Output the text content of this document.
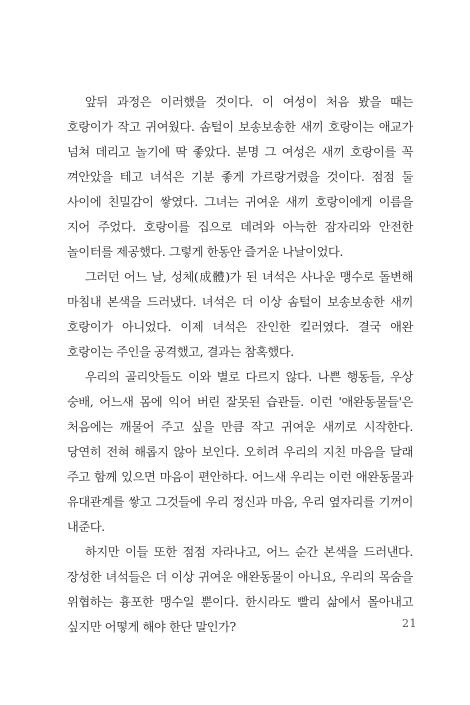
앞뒤 과정은 이러했을 것이다. 이 여성이 처음 봤을 때는 호랑이가 작고 귀여웠다. 솜털이 보송보송한 새끼 호랑이는 애교가 넘쳐 데리고 놀기에 딱 좋았다. 분명 그 여성은 새끼 호랑이를 꼭 껴안았을 테고 녀석은 기분 좋게 가르랑거렸을 것이다. 점점 둘 사이에 친밀감이 쌓였다. 그녀는 귀여운 새끼 호랑이에게 이름을 지어 주었다. 호랑이를 집으로 데려와 아늑한 잠자리와 안전한 놀이터를 제공했다. 그렇게 한동안 즐거운 나날이었다.

그러던 어느 날, 성체(成體)가 된 녀석은 사나운 맹수로 돌변해 마침내 본색을 드러냈다. 녀석은 더 이상 솜털이 보송보송한 새끼 호랑이가 아니었다. 이제 녀석은 잔인한 킬러였다. 결국 애완 호랑이는 주인을 공격했고, 결과는 참혹했다.

우리의 골리앗들도 이와 별로 다르지 않다. 나쁜 행동들, 우상 숭배, 어느새 몸에 익어 버린 잘못된 습관들. 이런 '애완동물들'은 처음에는 깨물어 주고 싶을 만큼 작고 귀여운 새끼로 시작한다. 당연히 전혀 해롭지 않아 보인다. 오히려 우리의 지친 마음을 달래 주고 함께 있으면 마음이 편안하다. 어느새 우리는 이런 애완동물과 유대관계를 쌓고 그것들에 우리 정신과 마음, 우리 옆자리를 기꺼이 내준다.

하지만 이들 또한 점점 자라나고, 어느 순간 본색을 드러낸다. 장성한 녀석들은 더 이상 귀여운 애완동물이 아니요, 우리의 목숨을 위협하는 흉포한 맹수일 뿐이다. 한시라도 빨리 삶에서 몰아내고 싶지만 어떻게 해야 한단 말인가?	21
